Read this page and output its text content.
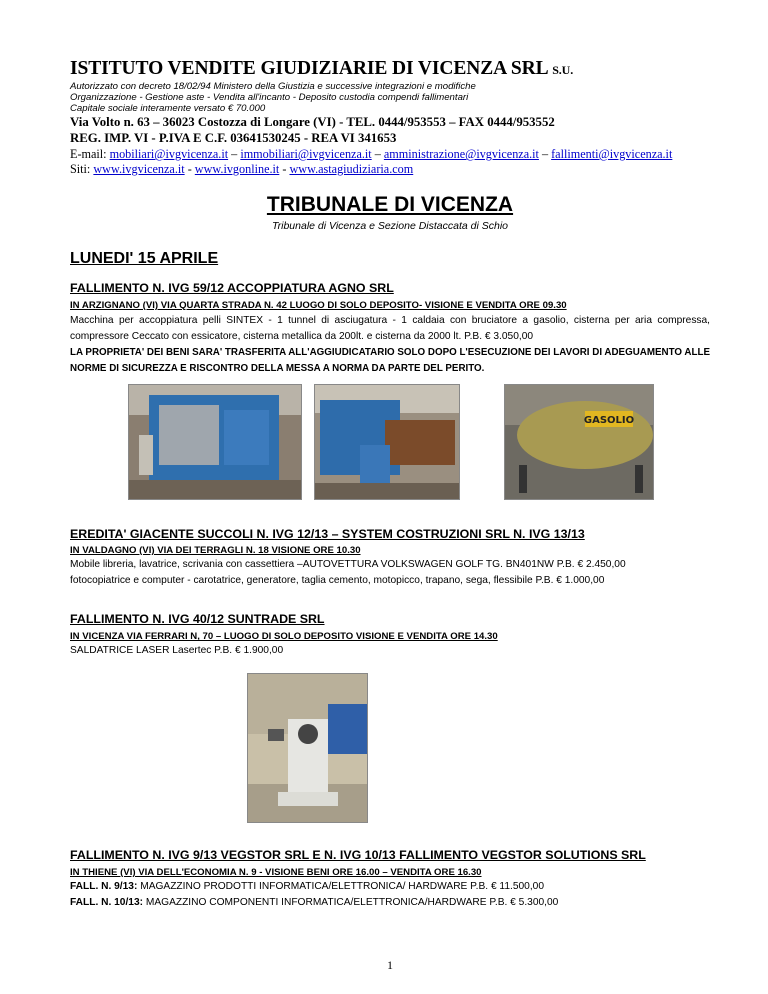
ISTITUTO VENDITE GIUDIZIARIE DI VICENZA SRL S.U.
Autorizzato con decreto 18/02/94 Ministero della Giustizia e successive integrazioni e modifiche
Organizzazione - Gestione aste - Vendita all'incanto - Deposito custodia compendi fallimentari
Capitale sociale interamente versato € 70.000
Via Volto n. 63 – 36023 Costozza di Longare (VI) - TEL. 0444/953553 – FAX 0444/953552
REG. IMP. VI - P.IVA E C.F. 03641530245 - REA VI 341653
E-mail: mobiliari@ivgvicenza.it – immobiliari@ivgvicenza.it – amministrazione@ivgvicenza.it – fallimenti@ivgvicenza.it
Siti: www.ivgvicenza.it - www.ivgonline.it - www.astagiudiziaria.com
TRIBUNALE DI VICENZA
Tribunale di Vicenza e Sezione Distaccata di Schio
LUNEDI' 15 APRILE
FALLIMENTO N. IVG 59/12 ACCOPPIATURA AGNO SRL
IN ARZIGNANO (VI) VIA QUARTA STRADA N. 42 LUOGO DI SOLO DEPOSITO- VISIONE E VENDITA ORE 09.30
Macchina per accoppiatura pelli SINTEX - 1 tunnel di asciugatura - 1 caldaia con bruciatore a gasolio, cisterna per aria compressa, compressore Ceccato con essicatore, cisterna metallica da 200lt. e cisterna da 2000 lt. P.B. € 3.050,00
LA PROPRIETA' DEI BENI SARA' TRASFERITA ALL'AGGIUDICATARIO SOLO DOPO L'ESECUZIONE DEI LAVORI DI ADEGUAMENTO ALLE NORME DI SICUREZZA E RISCONTRO DELLA MESSA A NORMA DA PARTE DEL PERITO.
GASOLIO
EREDITA' GIACENTE SUCCOLI N. IVG 12/13 – SYSTEM COSTRUZIONI SRL N. IVG 13/13
IN VALDAGNO (VI) VIA DEI TERRAGLI N. 18 VISIONE ORE 10.30
Mobile libreria, lavatrice, scrivania con cassettiera –AUTOVETTURA VOLKSWAGEN GOLF TG. BN401NW P.B. € 2.450,00
fotocopiatrice e computer - carotatrice, generatore, taglia cemento, motopicco, trapano, sega, flessibile P.B. € 1.000,00
FALLIMENTO N. IVG 40/12 SUNTRADE SRL
IN VICENZA VIA FERRARI N, 70 – LUOGO DI SOLO DEPOSITO VISIONE E VENDITA ORE 14.30
SALDATRICE LASER Lasertec P.B. € 1.900,00
FALLIMENTO N. IVG 9/13 VEGSTOR SRL E N. IVG 10/13 FALLIMENTO VEGSTOR SOLUTIONS SRL
IN THIENE (VI) VIA DELL'ECONOMIA N. 9 - VISIONE BENI ORE 16.00 – VENDITA ORE 16.30
FALL. N. 9/13: MAGAZZINO PRODOTTI INFORMATICA/ELETTRONICA/ HARDWARE P.B. € 11.500,00
FALL. N. 10/13: MAGAZZINO COMPONENTI INFORMATICA/ELETTRONICA/HARDWARE P.B. € 5.300,00
1
